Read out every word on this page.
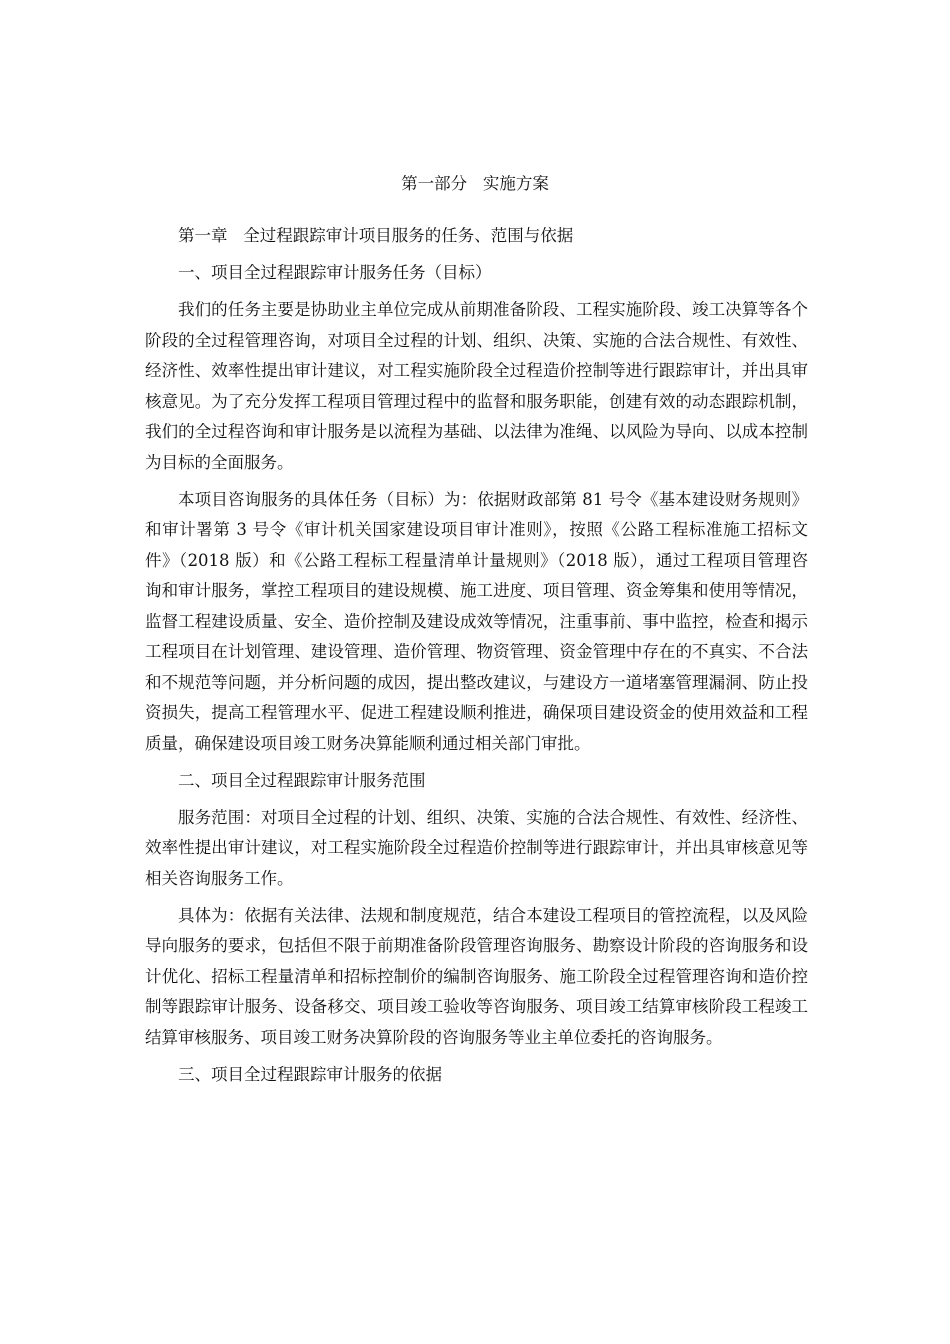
第一部分   实施方案
第一章   全过程跟踪审计项目服务的任务、范围与依据
一、项目全过程跟踪审计服务任务（目标）

我们的任务主要是协助业主单位完成从前期准备阶段、工程实施阶段、竣工决算等各个阶段的全过程管理咨询，对项目全过程的计划、组织、决策、实施的合法合规性、有效性、经济性、效率性提出审计建议，对工程实施阶段全过程造价控制等进行跟踪审计，并出具审核意见。为了充分发挥工程项目管理过程中的监督和服务职能，创建有效的动态跟踪机制，我们的全过程咨询和审计服务是以流程为基础、以法律为准绳、以风险为导向、以成本控制为目标的全面服务。

本项目咨询服务的具体任务（目标）为：依据财政部第 81 号令《基本建设财务规则》和审计署第 3 号令《审计机关国家建设项目审计准则》，按照《公路工程标准施工招标文件》（2018 版）和《公路工程标工程量清单计量规则》（2018 版），通过工程项目管理咨询和审计服务，掌控工程项目的建设规模、施工进度、项目管理、资金筹集和使用等情况，监督工程建设质量、安全、造价控制及建设成效等情况，注重事前、事中监控，检查和揭示工程项目在计划管理、建设管理、造价管理、物资管理、资金管理中存在的不真实、不合法和不规范等问题，并分析问题的成因，提出整改建议，与建设方一道堵塞管理漏洞、防止投资损失，提高工程管理水平、促进工程建设顺利推进，确保项目建设资金的使用效益和工程质量，确保建设项目竣工财务决算能顺利通过相关部门审批。

二、项目全过程跟踪审计服务范围

服务范围：对项目全过程的计划、组织、决策、实施的合法合规性、有效性、经济性、效率性提出审计建议，对工程实施阶段全过程造价控制等进行跟踪审计，并出具审核意见等相关咨询服务工作。

具体为：依据有关法律、法规和制度规范，结合本建设工程项目的管控流程，以及风险导向服务的要求，包括但不限于前期准备阶段管理咨询服务、勘察设计阶段的咨询服务和设计优化、招标工程量清单和招标控制价的编制咨询服务、施工阶段全过程管理咨询和造价控制等跟踪审计服务、设备移交、项目竣工验收等咨询服务、项目竣工结算审核阶段工程竣工结算审核服务、项目竣工财务决算阶段的咨询服务等业主单位委托的咨询服务。

三、项目全过程跟踪审计服务的依据
